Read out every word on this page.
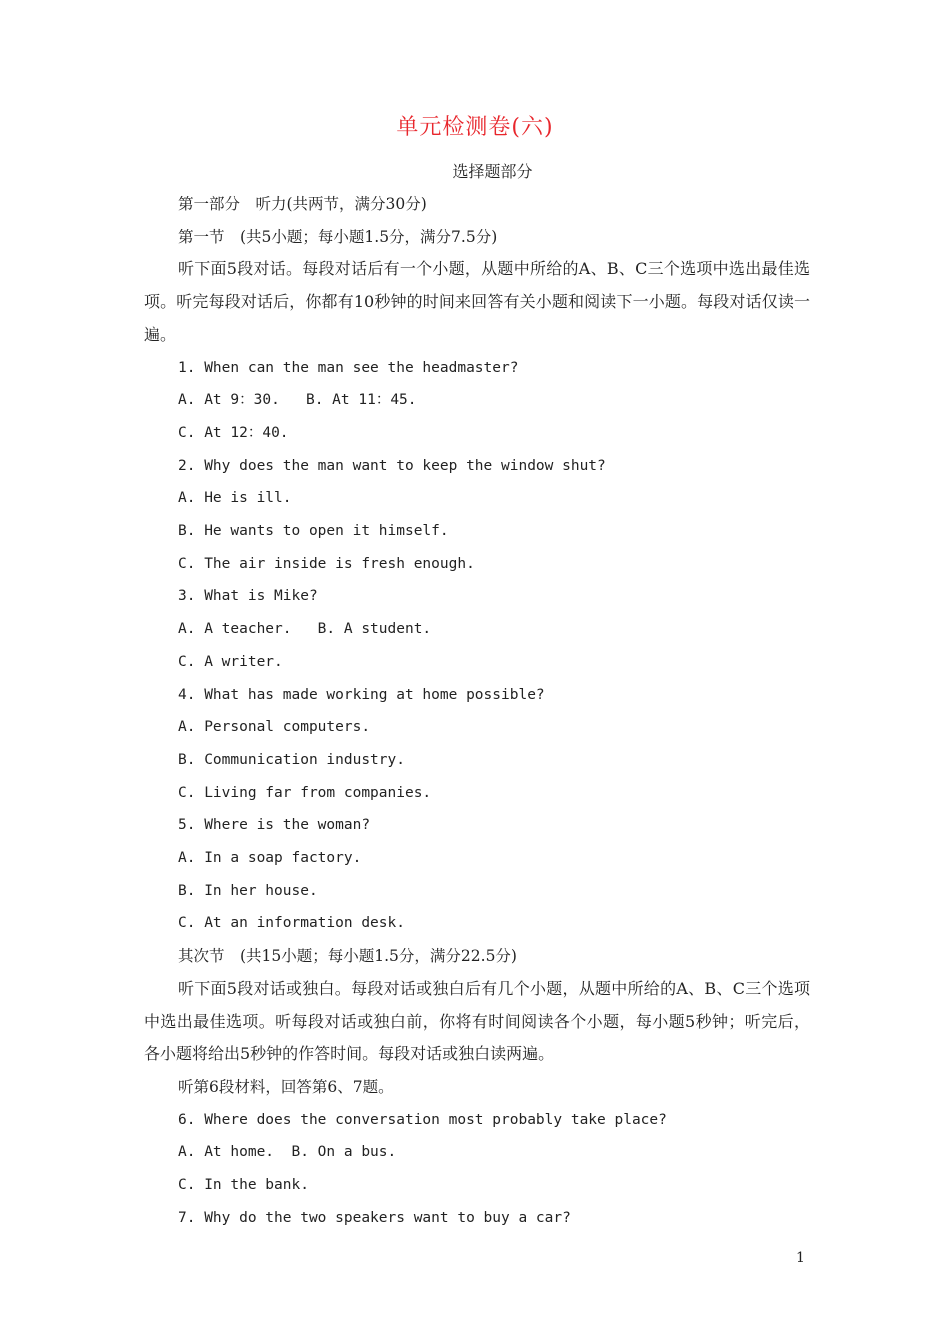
单元检测卷(六)
选择题部分
第一部分　听力(共两节，满分30分)
第一节　(共5小题；每小题1.5分，满分7.5分)
听下面5段对话。每段对话后有一个小题，从题中所给的A、B、C三个选项中选出最佳选项。听完每段对话后，你都有10秒钟的时间来回答有关小题和阅读下一小题。每段对话仅读一遍。
1. When can the man see the headmaster?
A. At 9：30.   B. At 11：45.
C. At 12：40.
2. Why does the man want to keep the window shut?
A. He is ill.
B. He wants to open it himself.
C. The air inside is fresh enough.
3. What is Mike?
A. A teacher.   B. A student.
C. A writer.
4. What has made working at home possible?
A. Personal computers.
B. Communication industry.
C. Living far from companies.
5. Where is the woman?
A. In a soap factory.
B. In her house.
C. At an information desk.
其次节　(共15小题；每小题1.5分，满分22.5分)
听下面5段对话或独白。每段对话或独白后有几个小题，从题中所给的A、B、C三个选项中选出最佳选项。听每段对话或独白前，你将有时间阅读各个小题，每小题5秒钟；听完后，各小题将给出5秒钟的作答时间。每段对话或独白读两遍。
听第6段材料，回答第6、7题。
6. Where does the conversation most probably take place?
A. At home.  B. On a bus.
C. In the bank.
7. Why do the two speakers want to buy a car?
1
